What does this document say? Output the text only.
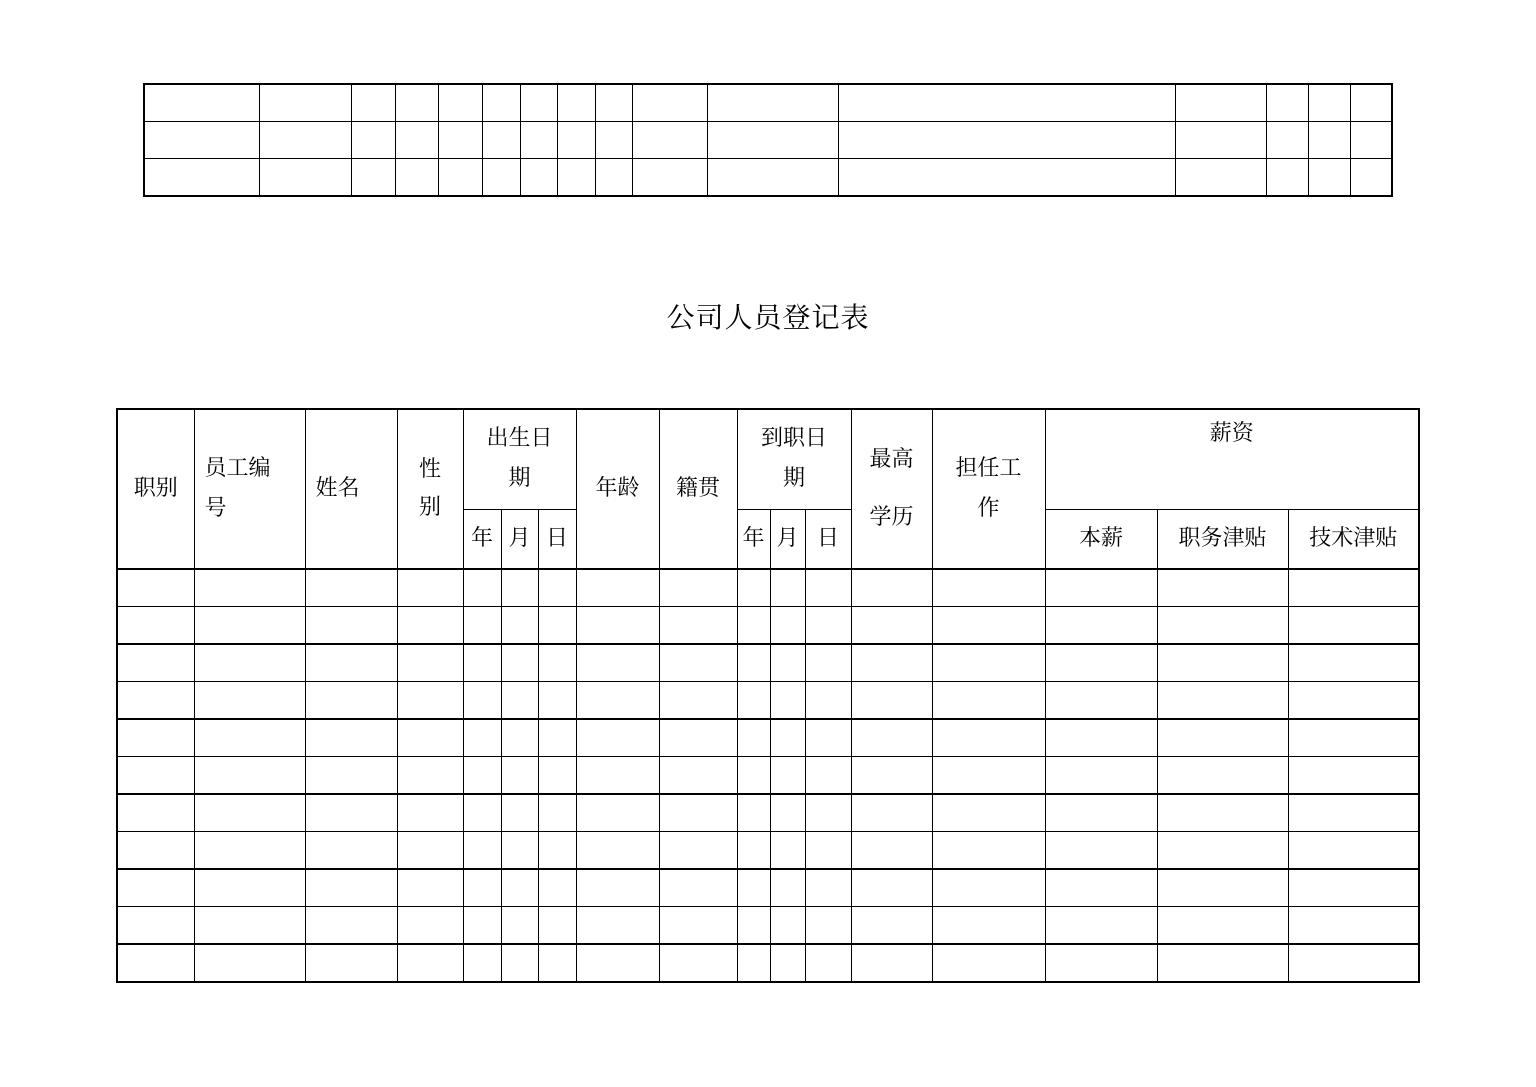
公司人员登记表
职别	员工编号	姓名	性别	出生日期			年龄	籍贯	到职日期			最高学历	担任工作	薪资		
				年	月	日			年	月	日			本薪	职务津贴	技术津贴
